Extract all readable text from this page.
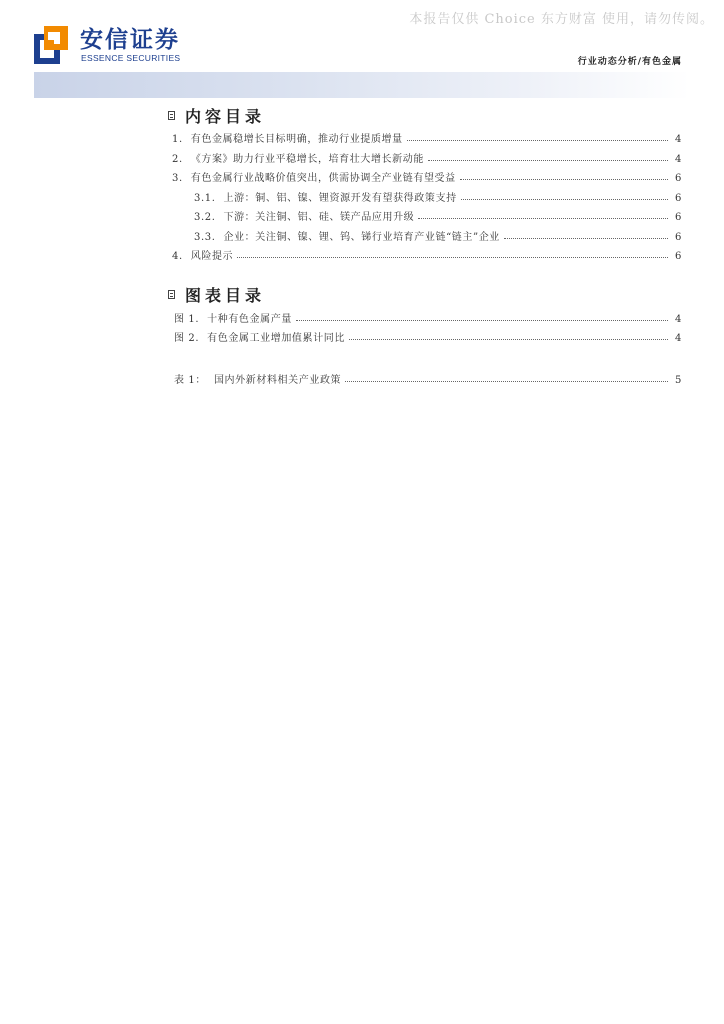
本报告仅供 Choice 东方财富 使用，请勿传阅。
安信证券
ESSENCE SECURITIES	行业动态分析/有色金属
内容目录
1. 有色金属稳增长目标明确，推动行业提质增量	4
2. 《方案》助力行业平稳增长，培育壮大增长新动能	4
3. 有色金属行业战略价值突出，供需协调全产业链有望受益	6
3.1. 上游：铜、铝、镍、锂资源开发有望获得政策支持	6
3.2. 下游：关注铜、铝、硅、镁产品应用升级	6
3.3. 企业：关注铜、镍、锂、钨、锑行业培育产业链“链主”企业	6
4. 风险提示	6
图表目录
图 1. 十种有色金属产量	4
图 2. 有色金属工业增加值累计同比	4
表 1： 国内外新材料相关产业政策	5
